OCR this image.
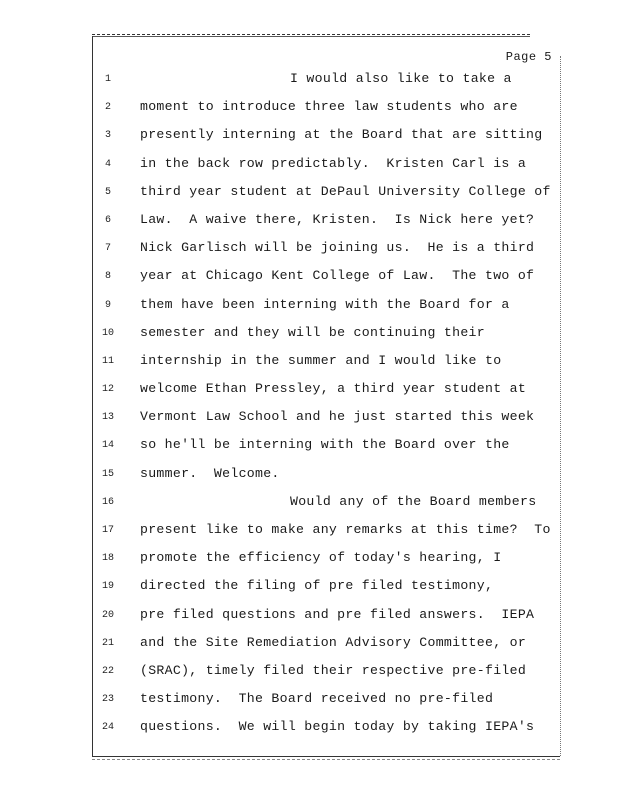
Page 5
1	I would also like to take a
2	moment to introduce three law students who are
3	presently interning at the Board that are sitting
4	in the back row predictably.  Kristen Carl is a
5	third year student at DePaul University College of
6	Law.  A waive there, Kristen.  Is Nick here yet?
7	Nick Garlisch will be joining us.  He is a third
8	year at Chicago Kent College of Law.  The two of
9	them have been interning with the Board for a
10 semester and they will be continuing their
11 internship in the summer and I would like to
12 welcome Ethan Pressley, a third year student at
13 Vermont Law School and he just started this week
14 so he'll be interning with the Board over the
15 summer.  Welcome.
16	Would any of the Board members
17 present like to make any remarks at this time?  To
18 promote the efficiency of today's hearing, I
19 directed the filing of pre filed testimony,
20 pre filed questions and pre filed answers.  IEPA
21 and the Site Remediation Advisory Committee, or
22 (SRAC), timely filed their respective pre-filed
23 testimony.  The Board received no pre-filed
24 questions.  We will begin today by taking IEPA's
